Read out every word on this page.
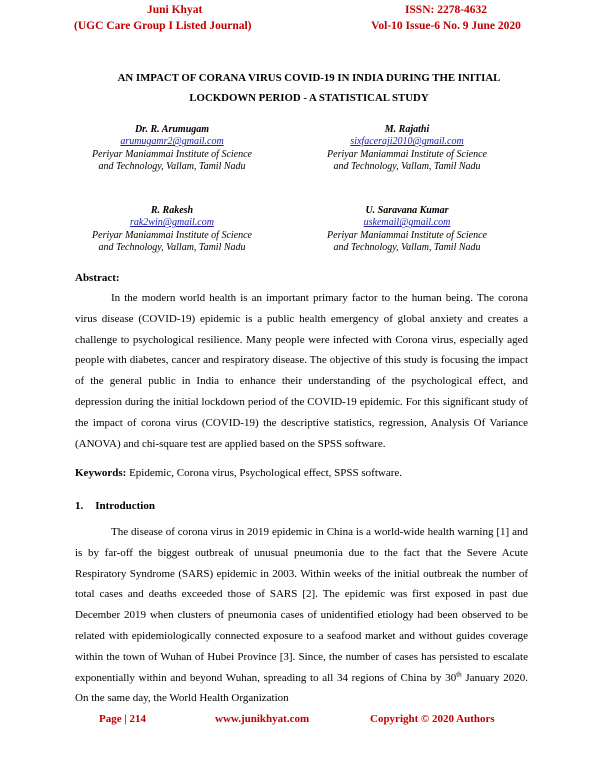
Juni Khyat
(UGC Care Group I Listed Journal)
ISSN: 2278-4632
Vol-10 Issue-6 No. 9 June 2020
AN IMPACT OF CORANA VIRUS COVID-19 IN INDIA DURING THE INITIAL
LOCKDOWN PERIOD - A STATISTICAL STUDY
Dr. R. Arumugam
arumugamr2@gmail.com
Periyar Maniammai Institute of Science
and Technology, Vallam, Tamil Nadu
M. Rajathi
sixfaceraji2010@gmail.com
Periyar Maniammai Institute of Science
and Technology, Vallam, Tamil Nadu
R. Rakesh
rak2win@gmail.com
Periyar Maniammai Institute of Science
and Technology, Vallam, Tamil Nadu
U. Saravana Kumar
uskemail@gmail.com
Periyar Maniammai Institute of Science
and Technology, Vallam, Tamil Nadu
Abstract:

In the modern world health is an important primary factor to the human being. The corona virus disease (COVID-19) epidemic is a public health emergency of global anxiety and creates a challenge to psychological resilience. Many people were infected with Corona virus, especially aged people with diabetes, cancer and respiratory disease. The objective of this study is focusing the impact of the general public in India to enhance their understanding of the psychological effect, and depression during the initial lockdown period of the COVID-19 epidemic. For this significant study of the impact of corona virus (COVID-19) the descriptive statistics, regression, Analysis Of Variance (ANOVA) and chi-square test are applied based on the SPSS software.

Keywords: Epidemic, Corona virus, Psychological effect, SPSS software.
1. Introduction

The disease of corona virus in 2019 epidemic in China is a world-wide health warning [1] and is by far-off the biggest outbreak of unusual pneumonia due to the fact that the Severe Acute Respiratory Syndrome (SARS) epidemic in 2003. Within weeks of the initial outbreak the number of total cases and deaths exceeded those of SARS [2]. The epidemic was first exposed in past due December 2019 when clusters of pneumonia cases of unidentified etiology had been observed to be related with epidemiologically connected exposure to a seafood market and without guides coverage within the town of Wuhan of Hubei Province [3]. Since, the number of cases has persisted to escalate exponentially within and beyond Wuhan, spreading to all 34 regions of China by 30th January 2020. On the same day, the World Health Organization

Page | 214	www.junikhyat.com	Copyright © 2020 Authors
